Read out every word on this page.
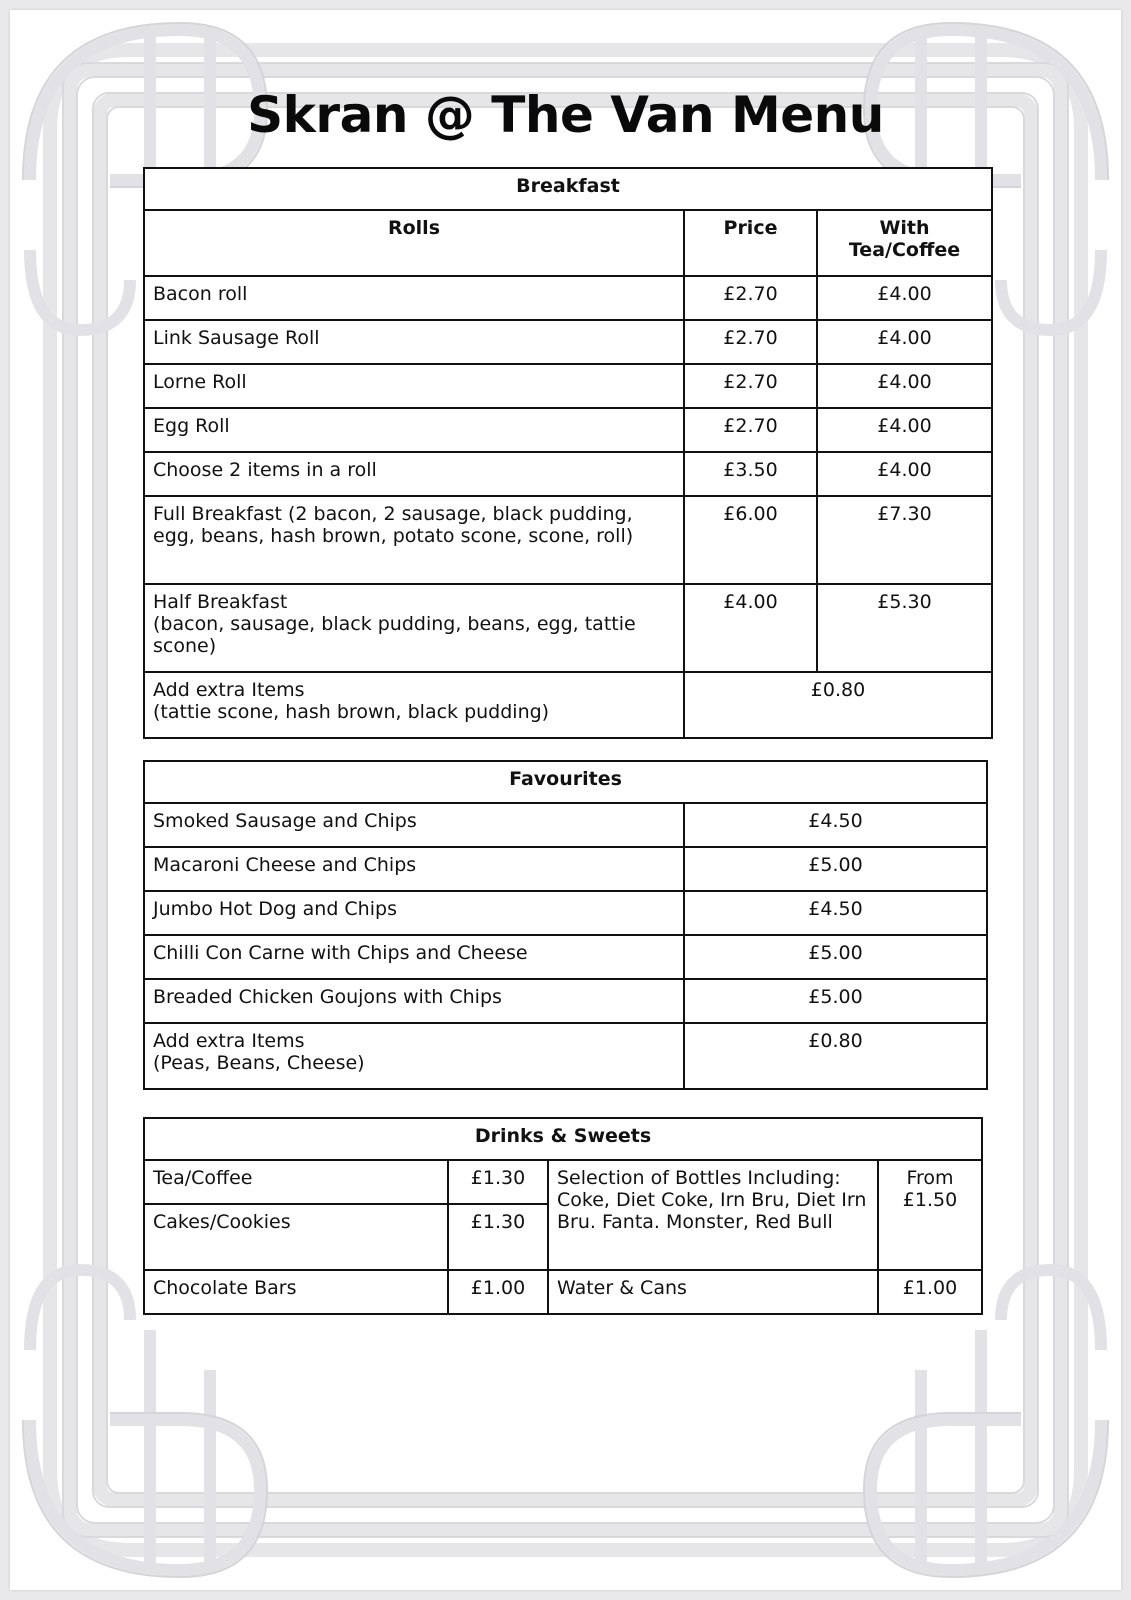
Skran @ The Van Menu
Breakfast		
Rolls	Price	With Tea/Coffee
Bacon roll	£2.70	£4.00
Link Sausage Roll	£2.70	£4.00
Lorne Roll	£2.70	£4.00
Egg Roll	£2.70	£4.00
Choose 2 items in a roll	£3.50	£4.00
Full Breakfast (2 bacon, 2 sausage, black pudding, egg, beans, hash brown, potato scone, scone, roll)	£6.00	£7.30

Half Breakfast
(bacon, sausage, black pudding, beans, egg, tattie scone)	£4.00	£5.30

Add extra Items
(tattie scone, hash brown, black pudding)	£0.80	
Favourites	
Smoked Sausage and Chips	£4.50
Macaroni Cheese and Chips	£5.00
Jumbo Hot Dog and Chips	£4.50
Chilli Con Carne with Chips and Cheese	£5.00
Breaded Chicken Goujons with Chips	£5.00

Add extra Items
(Peas, Beans, Cheese)	£0.80
Drinks & Sweets			
Tea/Coffee	£1.30	Selection of Bottles Including: Coke, Diet Coke, Irn Bru, Diet Irn Bru. Fanta. Monster, Red Bull	From £1.50
Cakes/Cookies	£1.30		
Chocolate Bars	£1.00	Water & Cans	£1.00
